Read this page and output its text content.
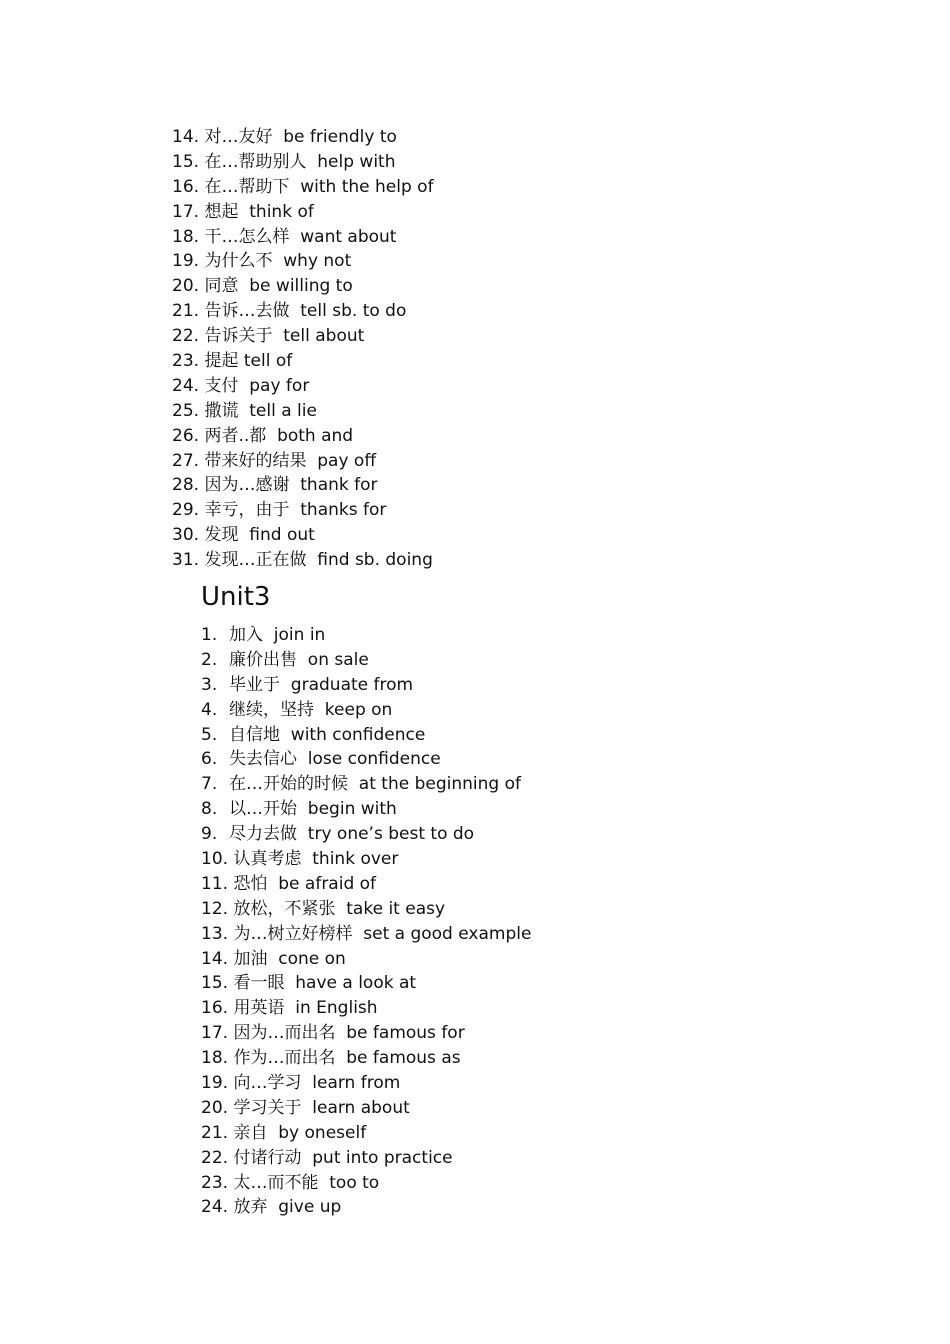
14. 对…友好  be friendly to
15. 在…帮助别人  help with
16. 在…帮助下  with the help of
17. 想起  think of
18. 干…怎么样  want about
19. 为什么不  why not
20. 同意  be willing to
21. 告诉…去做  tell sb. to do
22. 告诉关于  tell about
23. 提起 tell of
24. 支付  pay for
25. 撒谎  tell a lie
26. 两者..都  both and
27. 带来好的结果  pay off
28. 因为…感谢  thank for
29. 幸亏，由于  thanks for
30. 发现  find out
31. 发现…正在做  find sb. doing
Unit3
1. 加入  join in
2. 廉价出售  on sale
3. 毕业于  graduate from
4. 继续，坚持  keep on
5. 自信地  with confidence
6. 失去信心  lose confidence
7. 在…开始的时候  at the beginning of
8. 以…开始  begin with
9. 尽力去做  try one’s best to do
10. 认真考虑  think over
11. 恐怕  be afraid of
12. 放松，不紧张  take it easy
13. 为…树立好榜样  set a good example
14. 加油  cone on
15. 看一眼  have a look at
16. 用英语  in English
17. 因为…而出名  be famous for
18. 作为…而出名  be famous as
19. 向…学习  learn from
20. 学习关于  learn about
21. 亲自  by oneself
22. 付诸行动  put into practice
23. 太…而不能  too to
24. 放弃  give up
